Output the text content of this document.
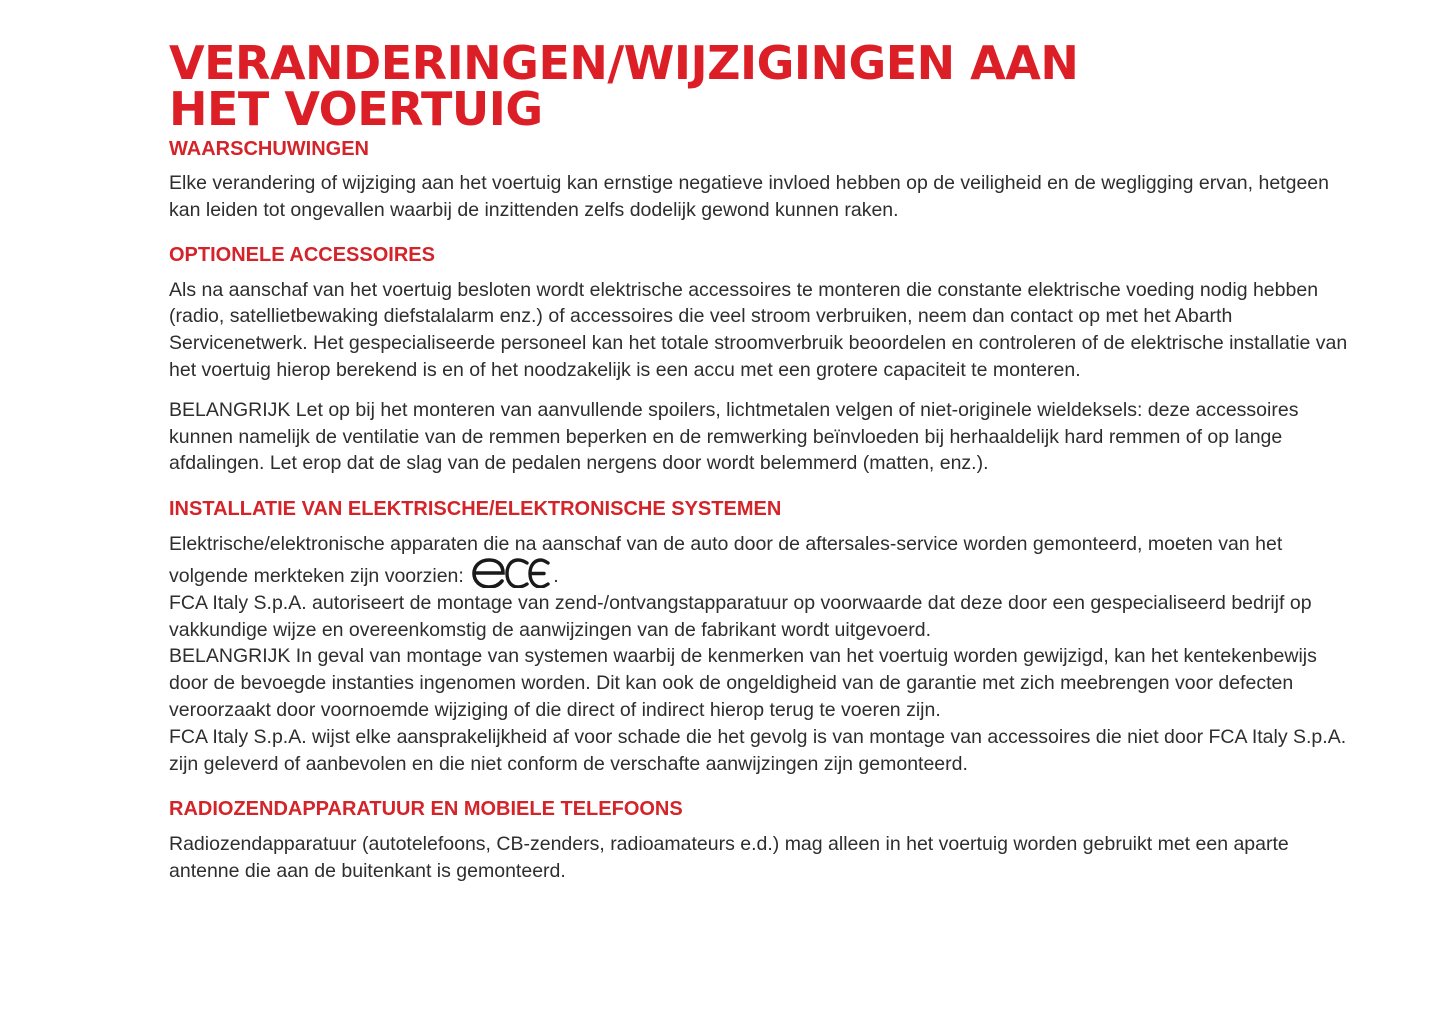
VERANDERINGEN/WIJZIGINGEN AAN
HET VOERTUIG
WAARSCHUWINGEN

Elke verandering of wijziging aan het voertuig kan ernstige negatieve invloed hebben op de veiligheid en de wegligging ervan, hetgeen kan leiden tot ongevallen waarbij de inzittenden zelfs dodelijk gewond kunnen raken.

OPTIONELE ACCESSOIRES

Als na aanschaf van het voertuig besloten wordt elektrische accessoires te monteren die constante elektrische voeding nodig hebben (radio, satellietbewaking diefstalalarm enz.) of accessoires die veel stroom verbruiken, neem dan contact op met het Abarth Servicenetwerk. Het gespecialiseerde personeel kan het totale stroomverbruik beoordelen en controleren of de elektrische installatie van het voertuig hierop berekend is en of het noodzakelijk is een accu met een grotere capaciteit te monteren.

BELANGRIJK Let op bij het monteren van aanvullende spoilers, lichtmetalen velgen of niet-originele wieldeksels: deze accessoires kunnen namelijk de ventilatie van de remmen beperken en de remwerking beïnvloeden bij herhaaldelijk hard remmen of op lange afdalingen. Let erop dat de slag van de pedalen nergens door wordt belemmerd (matten, enz.).

INSTALLATIE VAN ELEKTRISCHE/ELEKTRONISCHE SYSTEMEN

Elektrische/elektronische apparaten die na aanschaf van de auto door de aftersales-service worden gemonteerd, moeten van het volgende merkteken zijn voorzien:	.

FCA Italy S.p.A. autoriseert de montage van zend-/ontvangstapparatuur op voorwaarde dat deze door een gespecialiseerd bedrijf op vakkundige wijze en overeenkomstig de aanwijzingen van de fabrikant wordt uitgevoerd.

BELANGRIJK In geval van montage van systemen waarbij de kenmerken van het voertuig worden gewijzigd, kan het kentekenbewijs door de bevoegde instanties ingenomen worden. Dit kan ook de ongeldigheid van de garantie met zich meebrengen voor defecten veroorzaakt door voornoemde wijziging of die direct of indirect hierop terug te voeren zijn.

FCA Italy S.p.A. wijst elke aansprakelijkheid af voor schade die het gevolg is van montage van accessoires die niet door FCA Italy S.p.A. zijn geleverd of aanbevolen en die niet conform de verschafte aanwijzingen zijn gemonteerd.

RADIOZENDAPPARATUUR EN MOBIELE TELEFOONS

Radiozendapparatuur (autotelefoons, CB-zenders, radioamateurs e.d.) mag alleen in het voertuig worden gebruikt met een aparte antenne die aan de buitenkant is gemonteerd.
